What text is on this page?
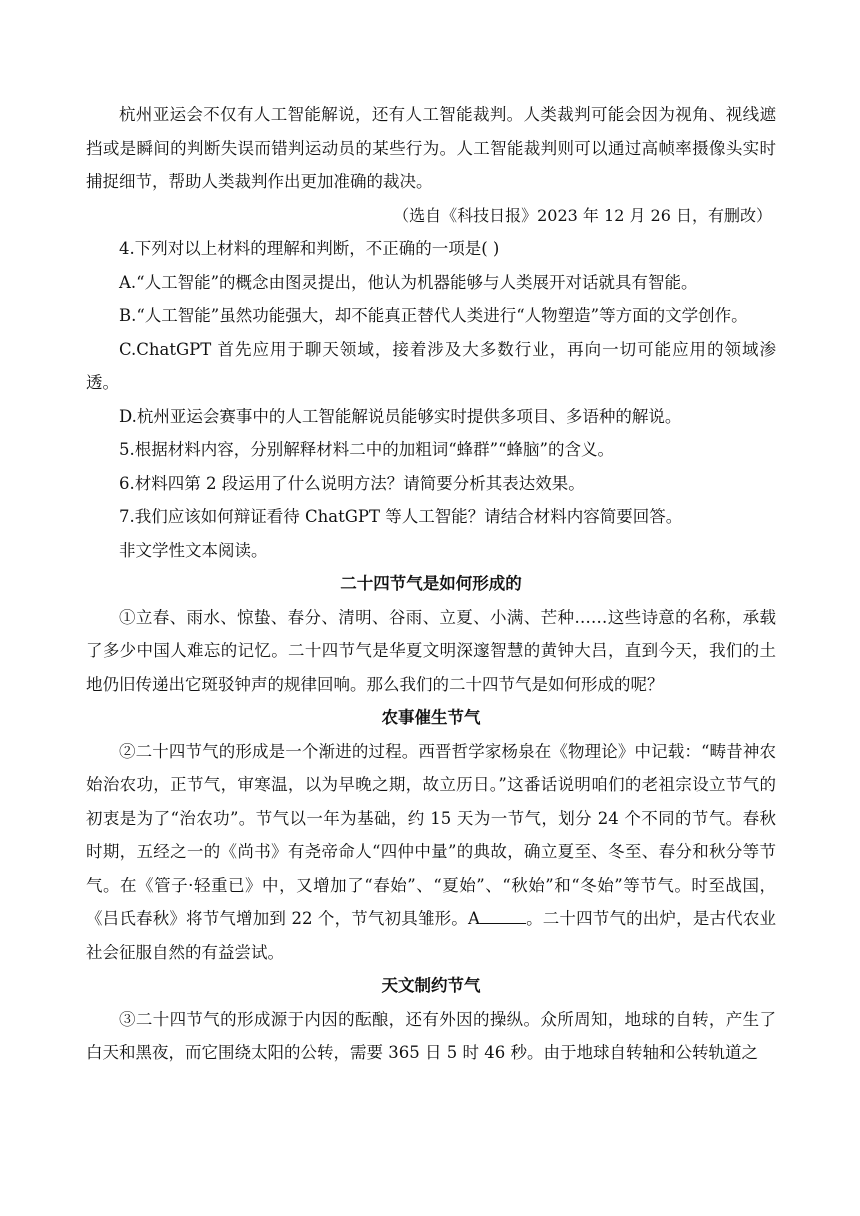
杭州亚运会不仅有人工智能解说，还有人工智能裁判。人类裁判可能会因为视角、视线遮挡或是瞬间的判断失误而错判运动员的某些行为。人工智能裁判则可以通过高帧率摄像头实时捕捉细节，帮助人类裁判作出更加准确的裁决。

（选自《科技日报》2023 年 12 月 26 日，有删改）

4.下列对以上材料的理解和判断，不正确的一项是( )

A.“人工智能”的概念由图灵提出，他认为机器能够与人类展开对话就具有智能。

B.“人工智能”虽然功能强大，却不能真正替代人类进行“人物塑造”等方面的文学创作。

C.ChatGPT 首先应用于聊天领域，接着涉及大多数行业，再向一切可能应用的领域渗透。

D.杭州亚运会赛事中的人工智能解说员能够实时提供多项目、多语种的解说。

5.根据材料内容，分别解释材料二中的加粗词“蜂群”“蜂脑”的含义。

6.材料四第 2 段运用了什么说明方法？请简要分析其表达效果。

7.我们应该如何辩证看待 ChatGPT 等人工智能？请结合材料内容简要回答。

非文学性文本阅读。

二十四节气是如何形成的

①立春、雨水、惊蛰、春分、清明、谷雨、立夏、小满、芒种……这些诗意的名称，承载了多少中国人难忘的记忆。二十四节气是华夏文明深邃智慧的黄钟大吕，直到今天，我们的土地仍旧传递出它斑驳钟声的规律回响。那么我们的二十四节气是如何形成的呢？

农事催生节气

②二十四节气的形成是一个渐进的过程。西晋哲学家杨泉在《物理论》中记载：“畴昔神农始治农功，正节气，审寒温，以为早晚之期，故立历日。”这番话说明咱们的老祖宗设立节气的初衷是为了“治农功”。节气以一年为基础，约 15 天为一节气，划分 24 个不同的节气。春秋时期，五经之一的《尚书》有尧帝命人“四仲中量”的典故，确立夏至、冬至、春分和秋分等节气。在《管子·轻重已》中，又增加了“春始”、“夏始”、“秋始”和“冬始”等节气。时至战国，《吕氏春秋》将节气增加到 22 个，节气初具雏形。A	。二十四节气的出炉，是古代农业社会征服自然的有益尝试。

天文制约节气

③二十四节气的形成源于内因的酝酿，还有外因的操纵。众所周知，地球的自转，产生了白天和黑夜，而它围绕太阳的公转，需要 365 日 5 时 46 秒。由于地球自转轴和公转轨道之
